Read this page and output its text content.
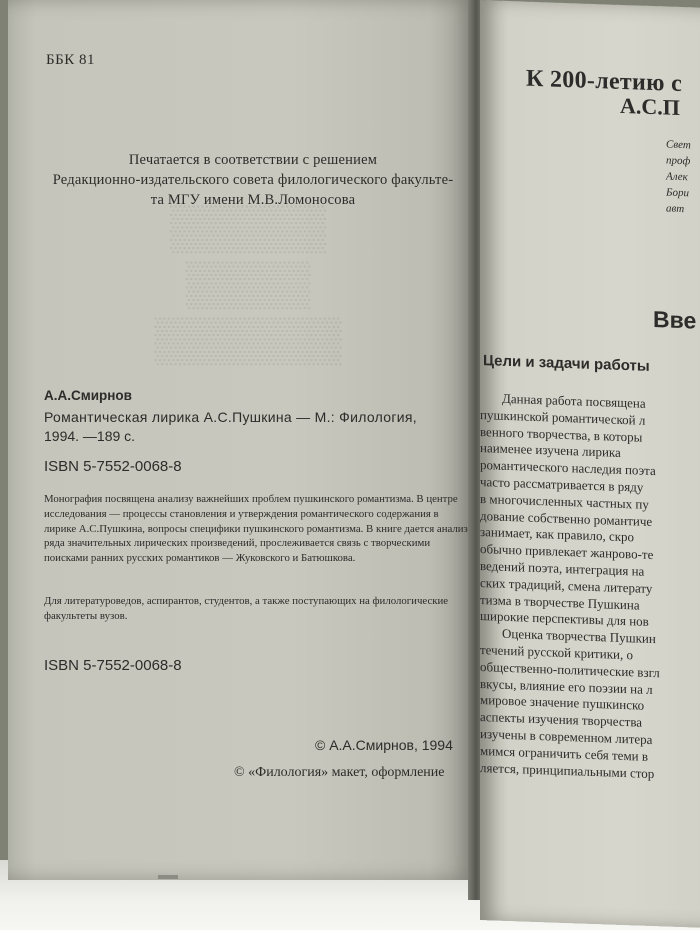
▒▒▒▒▒
▒▒▒▒
▒▒▒▒▒▒
ББК 81
Печатается в соответствии с решением
Редакционно-издательского совета филологического факульте-
та МГУ имени М.В.Ломоносова
А.А.Смирнов
Романтическая лирика А.С.Пушкина — М.: Филология,
1994. —189 с.
ISBN 5-7552-0068-8
Монография посвящена анализу важнейших проблем пушкинского романтизма. В центре исследования — процессы становления и утверждения романтического содержания в лирике А.С.Пушкина, вопросы специфики пушкинского романтизма. В книге дается анализ ряда значительных лирических произведений, прослеживается связь с творческими поисками ранних русских романтиков — Жуковского и Батюшкова.
Для литературоведов, аспирантов, студентов, а также поступающих на филологические факультеты вузов.
ISBN 5-7552-0068-8
© А.А.Смирнов, 1994
© «Филология» макет, оформление
К 200-летию с
А.С.П
Свет
проф
Алек
Бори
авт
Вве
Цели и задачи работы
Данная работа посвящена
пушкинской романтической л
венного творчества, в которы
наименее изучена лирика
романтического наследия поэта
часто рассматривается в ряду
в многочисленных частных пу
дование собственно романтиче
занимает, как правило, скро
обычно привлекает жанрово-те
ведений поэта, интеграция на
ских традиций, смена литерату
тизма в творчестве Пушкина
широкие перспективы для нов
Оценка творчества Пушкин
течений русской критики, о
общественно-политические взгл
вкусы, влияние его поэзии на л
мировое значение пушкинско
аспекты изучения творчества
изучены в современном литера
мимся ограничить себя теми в
ляется, принципиальными стор
